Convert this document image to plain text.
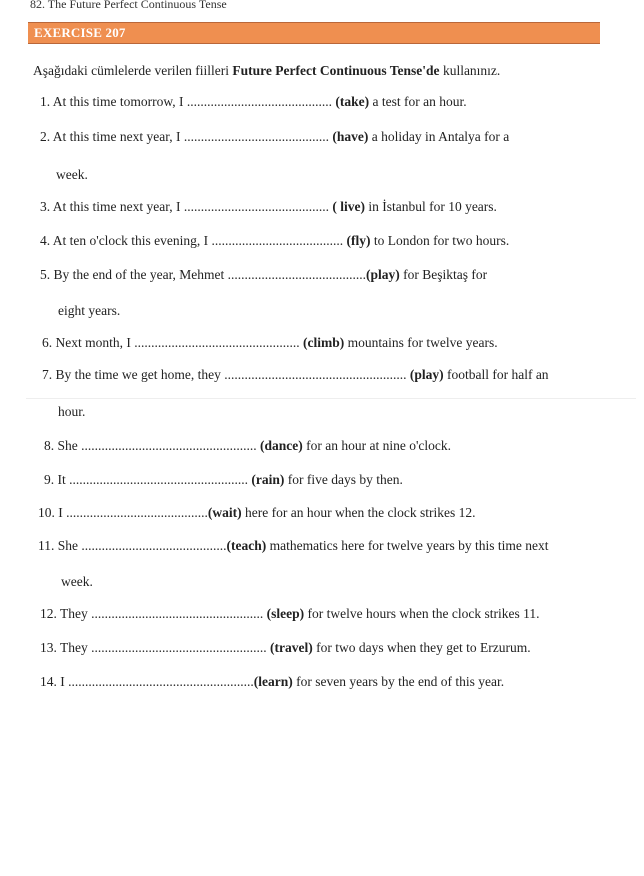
82. The Future Perfect Continuous Tense
EXERCISE 207
Aşağıdaki cümlelerde verilen fiilleri Future Perfect Continuous Tense'de kullanınız.
1. At this time tomorrow, I ........................................... (take) a test for an hour.
2. At this time next year, I ........................................... (have) a holiday in Antalya for a
week.
3. At this time next year, I ........................................... ( live) in İstanbul for 10 years.
4. At ten o'clock this evening, I ....................................... (fly) to London for two hours.
5. By the end of the year, Mehmet .........................................(play) for Beşiktaş for
eight years.
6. Next month, I ................................................. (climb) mountains for twelve years.
7. By the time we get home, they ...................................................... (play) football for half an
hour.
8. She .................................................... (dance) for an hour at nine o'clock.
9. It ..................................................... (rain) for five days by then.
10. I ..........................................(wait) here for an hour when the clock strikes 12.
11. She ...........................................(teach) mathematics here for twelve years by this time next
week.
12. They ................................................... (sleep) for twelve hours when the clock strikes 11.
13. They .................................................... (travel) for two days when they get to Erzurum.
14. I .......................................................(learn) for seven years by the end of this year.
